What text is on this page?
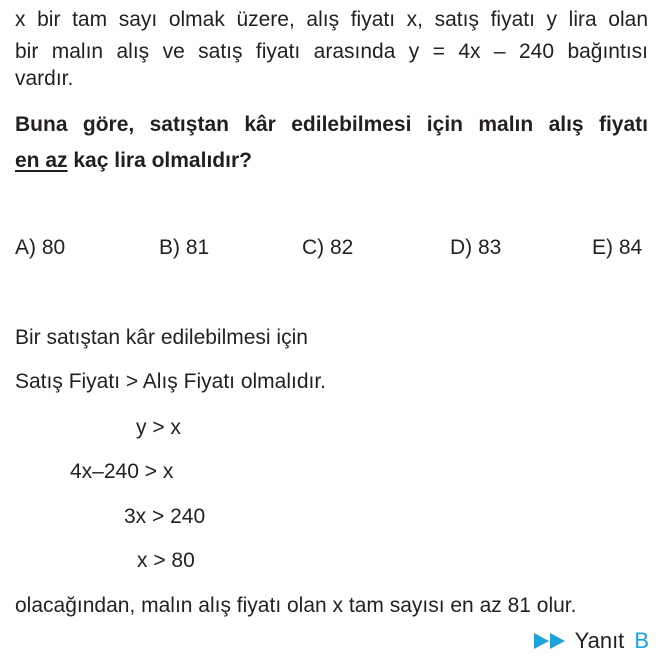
x bir tam sayı olmak üzere, alış fiyatı x, satış fiyatı y lira olan
bir malın alış ve satış fiyatı arasında y = 4x – 240 bağıntısı
vardır.
Buna göre, satıştan kâr edilebilmesi için malın alış fiyatı
en az kaç lira olmalıdır?
A) 80	B) 81	C) 82	D) 83	E) 84
Bir satıştan kâr edilebilmesi için
Satış Fiyatı > Alış Fiyatı olmalıdır.
y > x
4x–240 > x
3x > 240
x > 80
olacağından, malın alış fiyatı olan x tam sayısı en az 81 olur.
Yanıt B
